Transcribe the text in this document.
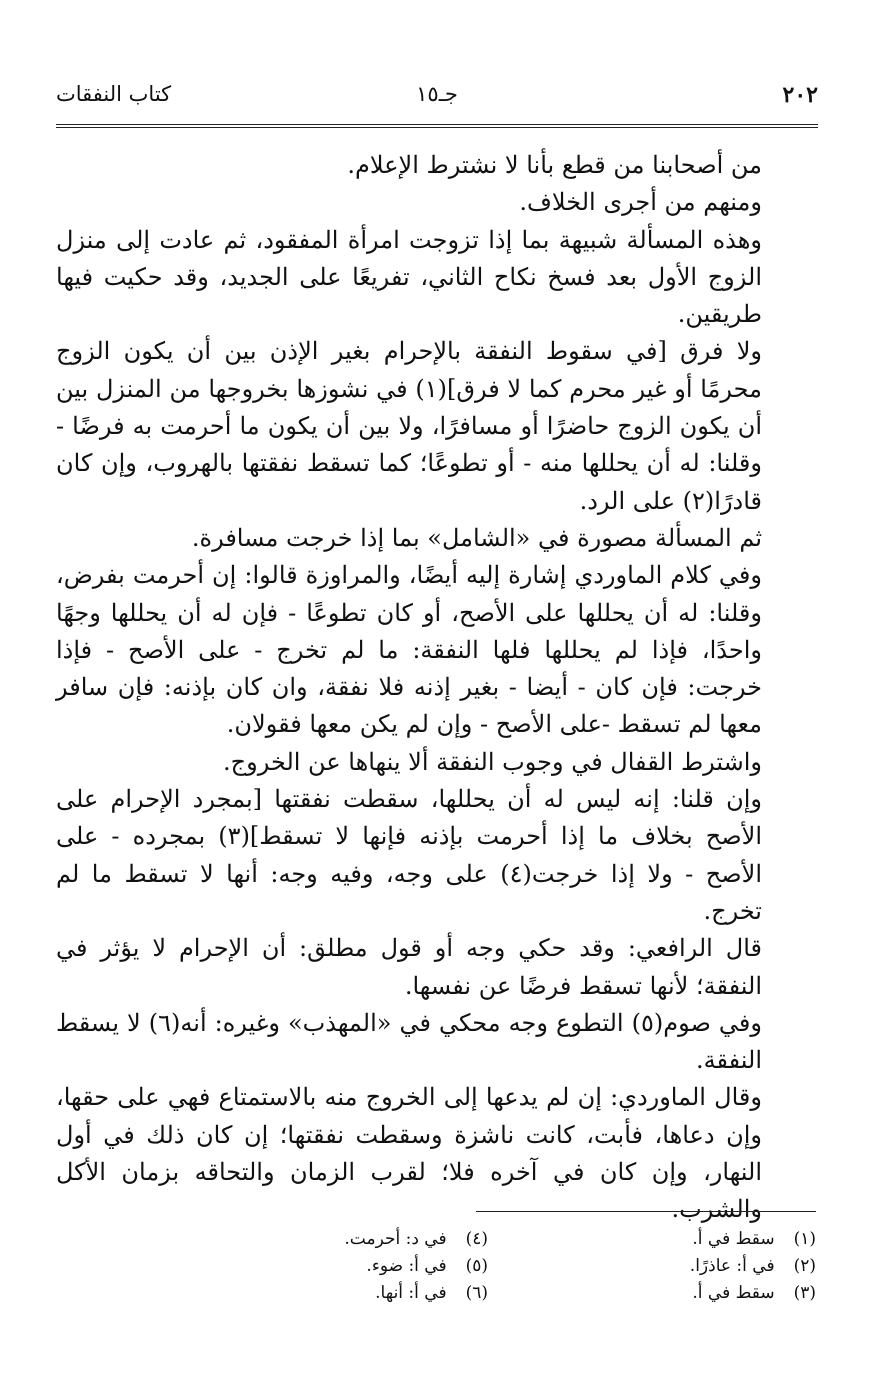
٢٠٢
جـ١٥
كتاب النفقات

من أصحابنا من قطع بأنا لا نشترط الإعلام.

ومنهم من أجرى الخلاف.

وهذه المسألة شبيهة بما إذا تزوجت امرأة المفقود، ثم عادت إلى منزل الزوج الأول بعد فسخ نكاح الثاني، تفريعًا على الجديد، وقد حكيت فيها طريقين.

ولا فرق [في سقوط النفقة بالإحرام بغير الإذن بين أن يكون الزوج محرمًا أو غير محرم كما لا فرق](١) في نشوزها بخروجها من المنزل بين أن يكون الزوج حاضرًا أو مسافرًا، ولا بين أن يكون ما أحرمت به فرضًا - وقلنا: له أن يحللها منه - أو تطوعًا؛ كما تسقط نفقتها بالهروب، وإن كان قادرًا(٢) على الرد.

ثم المسألة مصورة في «الشامل» بما إذا خرجت مسافرة.

وفي كلام الماوردي إشارة إليه أيضًا، والمراوزة قالوا: إن أحرمت بفرض، وقلنا: له أن يحللها على الأصح، أو كان تطوعًا - فإن له أن يحللها وجهًا واحدًا، فإذا لم يحللها فلها النفقة: ما لم تخرج - على الأصح - فإذا خرجت: فإن كان - أيضا - بغير إذنه فلا نفقة، وان كان بإذنه: فإن سافر معها لم تسقط -على الأصح - وإن لم يكن معها فقولان.

واشترط القفال في وجوب النفقة ألا ينهاها عن الخروج.

وإن قلنا: إنه ليس له أن يحللها، سقطت نفقتها [بمجرد الإحرام على الأصح بخلاف ما إذا أحرمت بإذنه فإنها لا تسقط](٣) بمجرده - على الأصح - ولا إذا خرجت(٤) على وجه، وفيه وجه: أنها لا تسقط ما لم تخرج.

قال الرافعي: وقد حكي وجه أو قول مطلق: أن الإحرام لا يؤثر في النفقة؛ لأنها تسقط فرضًا عن نفسها.

وفي صوم(٥) التطوع وجه محكي في «المهذب» وغيره: أنه(٦) لا يسقط النفقة.

وقال الماوردي: إن لم يدعها إلى الخروج منه بالاستمتاع فهي على حقها، وإن دعاها، فأبت، كانت ناشزة وسقطت نفقتها؛ إن كان ذلك في أول النهار، وإن كان في آخره فلا؛ لقرب الزمان والتحاقه بزمان الأكل والشرب.

(١) سقط في أ.
(٤) في د: أحرمت.
(٢) في أ: عاذرًا.
(٥) في أ: ضوء.
(٣) سقط في أ.
(٦) في أ: أنها.
